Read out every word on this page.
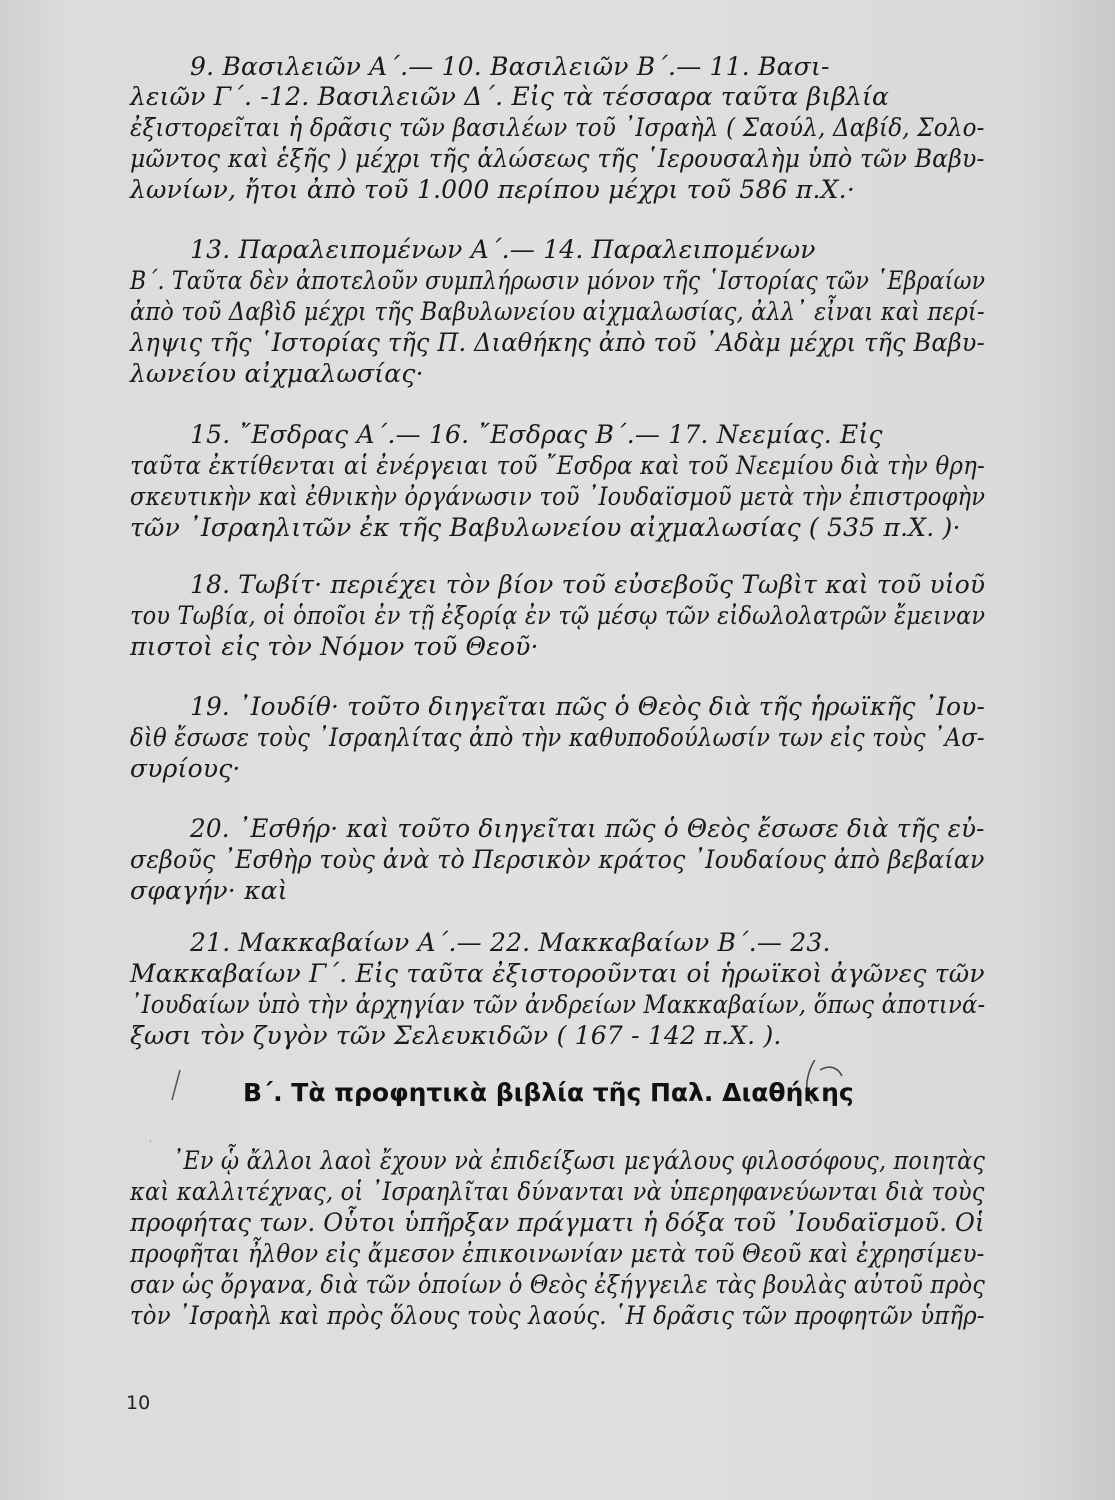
9. Βασιλειῶν Α΄.— 10. Βασιλειῶν Β΄.— 11. Βασι-
λειῶν Γ΄. -12. Βασιλειῶν Δ΄. Εἰς τὰ τέσσαρα ταῦτα βιβλία
ἐξιστορεῖται ἡ δρᾶσις τῶν βασιλέων τοῦ ᾿Ισραὴλ ( Σαούλ, Δαβίδ, Σολο-
μῶντος καὶ ἑξῆς ) μέχρι τῆς ἁλώσεως τῆς ῾Ιερουσαλὴμ ὑπὸ τῶν Βαβυ-
λωνίων, ἤτοι ἀπὸ τοῦ 1.000 περίπου μέχρι τοῦ 586 π.Χ.·
13. Παραλειπομένων Α΄.— 14. Παραλειπομένων
Β΄. Ταῦτα δὲν ἀποτελοῦν συμπλήρωσιν μόνον τῆς ῾Ιστορίας τῶν ῾Εβραίων
ἀπὸ τοῦ Δαβὶδ μέχρι τῆς Βαβυλωνείου αἰχμαλωσίας, ἀλλ᾿ εἶναι καὶ περί-
ληψις τῆς ῾Ιστορίας τῆς Π. Διαθήκης ἀπὸ τοῦ ᾿Αδὰμ μέχρι τῆς Βαβυ-
λωνείου αἰχμαλωσίας·
15. ῎Εσδρας Α΄.— 16. ῎Εσδρας Β΄.— 17. Νεεμίας. Εἰς
ταῦτα ἐκτίθενται αἱ ἐνέργειαι τοῦ ῎Εσδρα καὶ τοῦ Νεεμίου διὰ τὴν θρη-
σκευτικὴν καὶ ἐθνικὴν ὀργάνωσιν τοῦ ᾿Ιουδαϊσμοῦ μετὰ τὴν ἐπιστροφὴν
τῶν ᾿Ισραηλιτῶν ἐκ τῆς Βαβυλωνείου αἰχμαλωσίας ( 535 π.Χ. )·
18. Τωβίτ· περιέχει τὸν βίον τοῦ εὐσεβοῦς Τωβὶτ καὶ τοῦ υἱοῦ
του Τωβία, οἱ ὁποῖοι ἐν τῇ ἐξορίᾳ ἐν τῷ μέσῳ τῶν εἰδωλολατρῶν ἔμειναν
πιστοὶ εἰς τὸν Νόμον τοῦ Θεοῦ·
19. ᾿Ιουδίθ· τοῦτο διηγεῖται πῶς ὁ Θεὸς διὰ τῆς ἡρωϊκῆς ᾿Ιου-
δὶθ ἔσωσε τοὺς ᾿Ισραηλίτας ἀπὸ τὴν καθυποδούλωσίν των εἰς τοὺς ᾿Ασ-
συρίους·
20. ᾿Εσθήρ· καὶ τοῦτο διηγεῖται πῶς ὁ Θεὸς ἔσωσε διὰ τῆς εὐ-
σεβοῦς ᾿Εσθὴρ τοὺς ἀνὰ τὸ Περσικὸν κράτος ᾿Ιουδαίους ἀπὸ βεβαίαν
σφαγήν· καὶ
21. Μακκαβαίων Α΄.— 22. Μακκαβαίων Β΄.— 23.
Μακκαβαίων Γ΄. Εἰς ταῦτα ἐξιστοροῦνται οἱ ἡρωϊκοὶ ἀγῶνες τῶν
᾿Ιουδαίων ὑπὸ τὴν ἀρχηγίαν τῶν ἀνδρείων Μακκαβαίων, ὅπως ἀποτινά-
ξωσι τὸν ζυγὸν τῶν Σελευκιδῶν ( 167 - 142 π.Χ. ).
Β΄. Τὰ προφητικὰ βιβλία τῆς Παλ. Διαθήκης
᾿Εν ᾧ ἄλλοι λαοὶ ἔχουν νὰ ἐπιδείξωσι μεγάλους φιλοσόφους, ποιητὰς
καὶ καλλιτέχνας, οἱ ᾿Ισραηλῖται δύνανται νὰ ὑπερηφανεύωνται διὰ τοὺς
προφήτας των. Οὗτοι ὑπῆρξαν πράγματι ἡ δόξα τοῦ ᾿Ιουδαϊσμοῦ. Οἱ
προφῆται ἦλθον εἰς ἄμεσον ἐπικοινωνίαν μετὰ τοῦ Θεοῦ καὶ ἐχρησίμευ-
σαν ὡς ὄργανα, διὰ τῶν ὁποίων ὁ Θεὸς ἐξήγγειλε τὰς βουλὰς αὐτοῦ πρὸς
τὸν ᾿Ισραὴλ καὶ πρὸς ὅλους τοὺς λαούς. ῾Η δρᾶσις τῶν προφητῶν ὑπῆρ-
10
